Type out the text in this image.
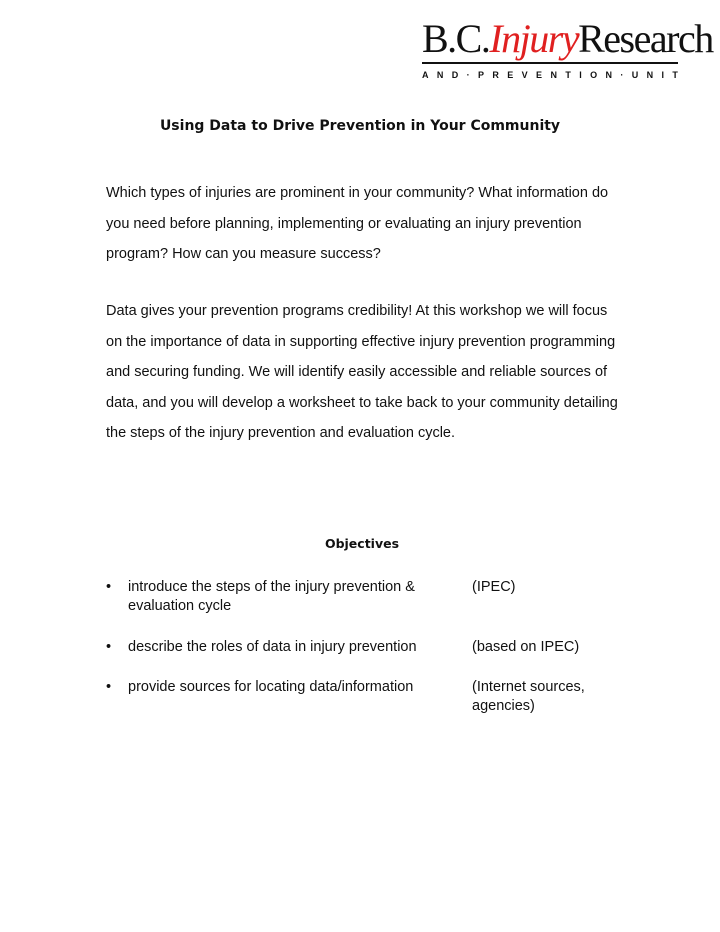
B.C.InjuryResearch
A N D · P R E V E N T I O N · U N I T
Using Data to Drive Prevention in Your Community

Which types of injuries are prominent in your community? What information do you need before planning, implementing or evaluating an injury prevention program? How can you measure success?

Data gives your prevention programs credibility! At this workshop we will focus on the importance of data in supporting effective injury prevention programming and securing funding. We will identify easily accessible and reliable sources of data, and you will develop a worksheet to take back to your community detailing the steps of the injury prevention and evaluation cycle.

Objectives
• introduce the steps of the injury prevention & evaluation cycle
(IPEC)
• describe the roles of data in injury prevention	(based on IPEC)
• provide sources for locating data/information	(Internet sources, agencies)
